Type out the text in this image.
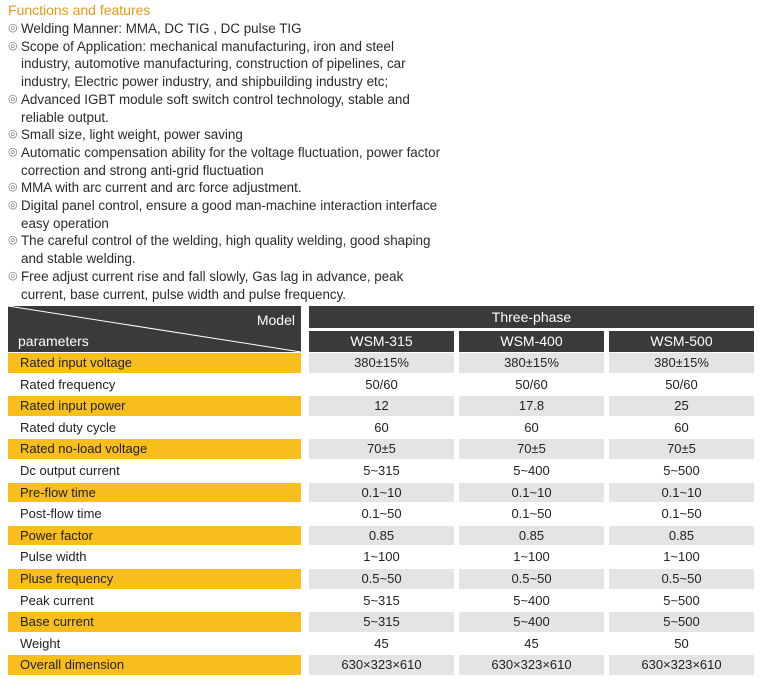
Functions and features
◎ Welding Manner: MMA, DC TIG , DC pulse TIG
◎ Scope of Application: mechanical manufacturing, iron and steel
industry, automotive manufacturing, construction of pipelines, car
industry, Electric power industry, and shipbuilding industry etc;
◎ Advanced IGBT module soft switch control technology, stable and
reliable output.
◎ Small size, light weight, power saving
◎ Automatic compensation ability for the voltage fluctuation, power factor
correction and strong anti-grid fluctuation
◎ MMA with arc current and arc force adjustment.
◎ Digital panel control, ensure a good man-machine interaction interface
easy operation
◎ The careful control of the welding, high quality welding, good shaping
and stable welding.
◎ Free adjust current rise and fall slowly, Gas lag in advance, peak
current, base current, pulse width and pulse frequency.
Model
parameters
Three-phase
WSM-315	WSM-400	WSM-500
Rated input voltage	380±15%	380±15%	380±15%
Rated frequency	50/60	50/60	50/60
Rated input power	12	17.8	25
Rated duty cycle	60	60	60
Rated no-load voltage	70±5	70±5	70±5
Dc output current	5~315	5~400	5~500
Pre-flow time	0.1~10	0.1~10	0.1~10
Post-flow time	0.1~50	0.1~50	0.1~50
Power factor	0.85	0.85	0.85
Pulse width	1~100	1~100	1~100
Pluse frequency	0.5~50	0.5~50	0.5~50
Peak current	5~315	5~400	5~500
Base current	5~315	5~400	5~500
Weight	45	45	50
Overall dimension	630×323×610	630×323×610	630×323×610
